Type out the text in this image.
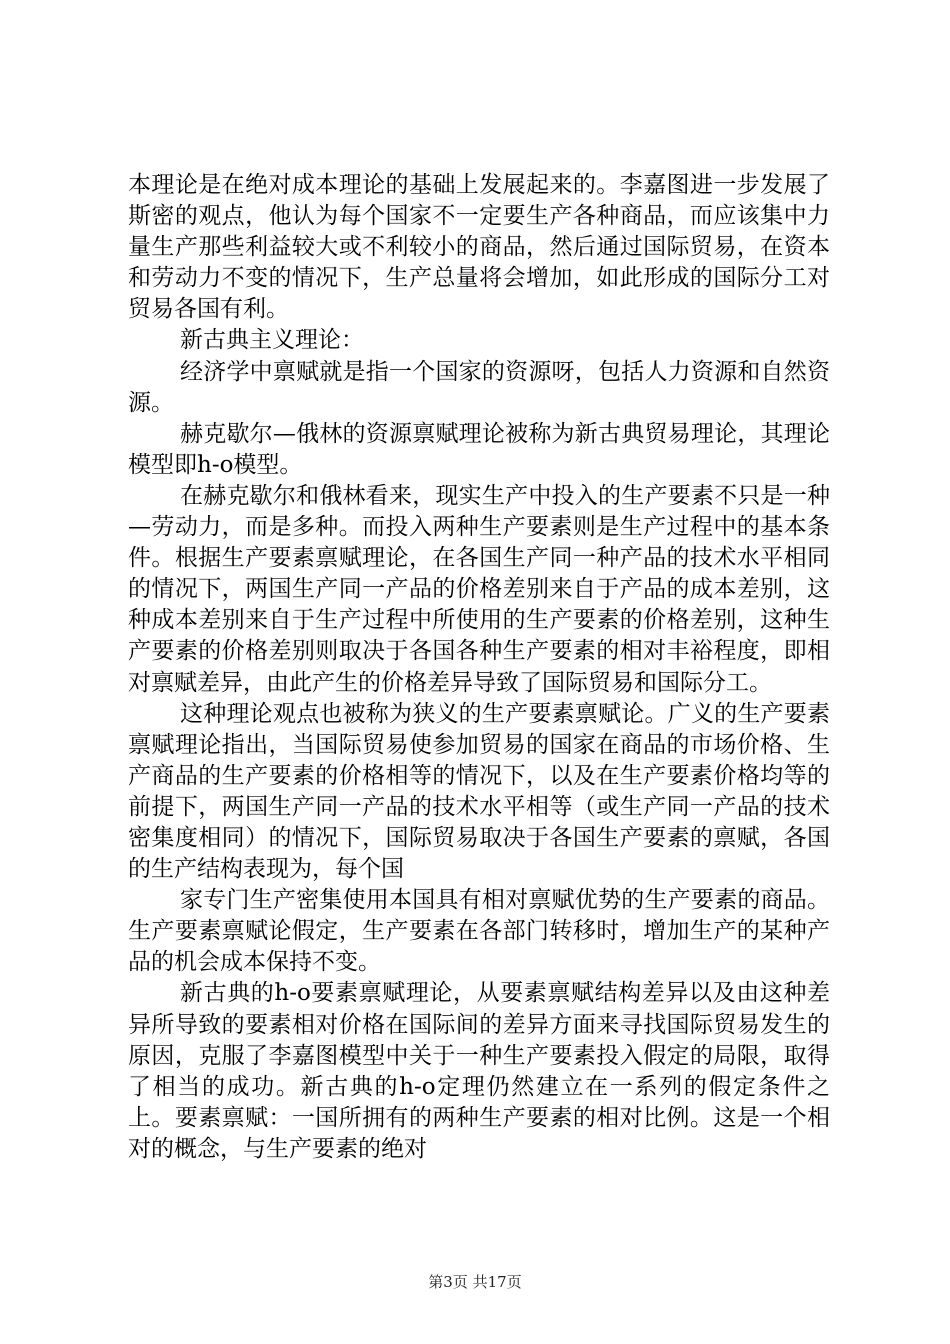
本理论是在绝对成本理论的基础上发展起来的。李嘉图进一步发展了斯密的观点，他认为每个国家不一定要生产各种商品，而应该集中力量生产那些利益较大或不利较小的商品，然后通过国际贸易，在资本和劳动力不变的情况下，生产总量将会增加，如此形成的国际分工对贸易各国有利。

新古典主义理论：

经济学中禀赋就是指一个国家的资源呀，包括人力资源和自然资源。

赫克歇尔—俄林的资源禀赋理论被称为新古典贸易理论，其理论模型即h-o模型。

在赫克歇尔和俄林看来，现实生产中投入的生产要素不只是一种—劳动力，而是多种。而投入两种生产要素则是生产过程中的基本条件。根据生产要素禀赋理论，在各国生产同一种产品的技术水平相同的情况下，两国生产同一产品的价格差别来自于产品的成本差别，这种成本差别来自于生产过程中所使用的生产要素的价格差别，这种生产要素的价格差别则取决于各国各种生产要素的相对丰裕程度，即相对禀赋差异，由此产生的价格差异导致了国际贸易和国际分工。

这种理论观点也被称为狭义的生产要素禀赋论。广义的生产要素禀赋理论指出，当国际贸易使参加贸易的国家在商品的市场价格、生产商品的生产要素的价格相等的情况下，以及在生产要素价格均等的前提下，两国生产同一产品的技术水平相等（或生产同一产品的技术密集度相同）的情况下，国际贸易取决于各国生产要素的禀赋，各国的生产结构表现为，每个国

家专门生产密集使用本国具有相对禀赋优势的生产要素的商品。生产要素禀赋论假定，生产要素在各部门转移时，增加生产的某种产品的机会成本保持不变。

新古典的h-o要素禀赋理论，从要素禀赋结构差异以及由这种差异所导致的要素相对价格在国际间的差异方面来寻找国际贸易发生的原因，克服了李嘉图模型中关于一种生产要素投入假定的局限，取得了相当的成功。新古典的h-o定理仍然建立在一系列的假定条件之上。要素禀赋：一国所拥有的两种生产要素的相对比例。这是一个相对的概念，与生产要素的绝对

第3页 共17页
